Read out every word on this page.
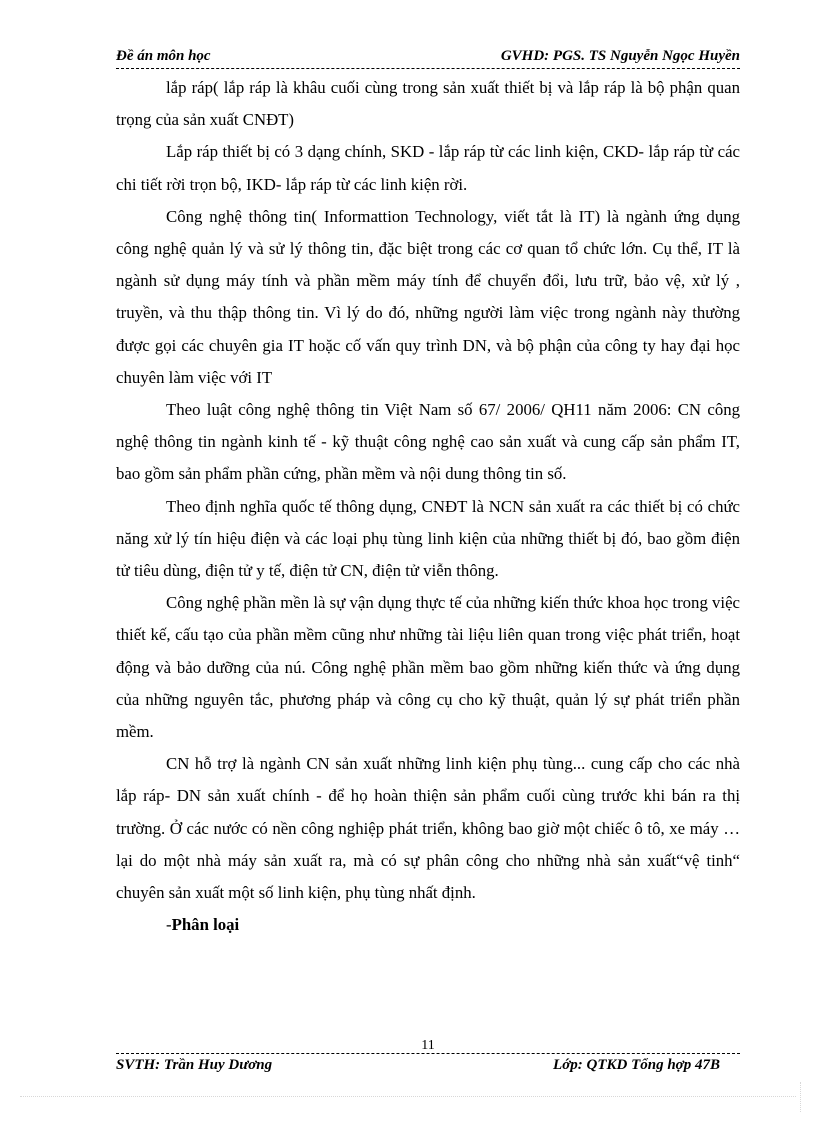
Đề án môn học	GVHD: PGS. TS Nguyễn Ngọc Huyền

lắp ráp( lắp ráp là khâu cuối cùng trong sản xuất thiết bị và lắp ráp là bộ phận quan trọng của sản xuất CNĐT)

Lắp ráp thiết bị có 3 dạng chính, SKD - lắp ráp từ các linh kiện, CKD- lắp ráp từ các chi tiết rời trọn bộ, IKD- lắp ráp từ các linh kiện rời.

Công nghệ thông tin( Informattion Technology, viết tắt là IT) là ngành ứng dụng công nghệ quản lý và sử lý thông tin, đặc biệt trong các cơ quan tổ chức lớn. Cụ thể, IT là ngành sử dụng máy tính và phần mềm máy tính để chuyển đổi, lưu trữ, bảo vệ, xử lý , truyền, và thu thập thông tin. Vì lý do đó, những người làm việc trong ngành này thường được gọi các chuyên gia IT hoặc cố vấn quy trình DN, và bộ phận của công ty hay đại học chuyên làm việc với IT

Theo luật công nghệ thông tin Việt Nam số 67/ 2006/ QH11 năm 2006: CN công nghệ thông tin ngành kinh tế - kỹ thuật công nghệ cao sản xuất và cung cấp sản phẩm IT, bao gồm sản phẩm phần cứng, phần mềm và nội dung thông tin số.

Theo định nghĩa quốc tế thông dụng, CNĐT là NCN sản xuất ra các thiết bị có chức năng xử lý tín hiệu điện và các loại phụ tùng linh kiện của những thiết bị đó, bao gồm điện tử tiêu dùng, điện tử y tế, điện tử CN, điện tử viễn thông.

Công nghệ phần mền là sự vận dụng thực tế của những kiến thức khoa học trong việc thiết kế, cấu tạo của phần mềm cũng như những tài liệu liên quan trong việc phát triển, hoạt động và bảo dưỡng của nú. Công nghệ phần mềm bao gồm những kiến thức và ứng dụng của những nguyên tắc, phương pháp và công cụ cho kỹ thuật, quản lý sự phát triển phần mềm.

CN hỗ trợ là ngành CN sản xuất những linh kiện phụ tùng... cung cấp cho các nhà lắp ráp- DN sản xuất chính - để họ hoàn thiện sản phẩm cuối cùng trước khi bán ra thị trường. Ở các nước có nền công nghiệp phát triển, không bao giờ một chiếc ô tô, xe máy … lại do một nhà máy sản xuất ra, mà có sự phân công cho những nhà sản xuất“vệ tinh“ chuyên sản xuất một số linh kiện, phụ tùng nhất định.

-Phân loại

11
SVTH: Trần Huy Dương	Lớp: QTKD Tổng hợp 47B
